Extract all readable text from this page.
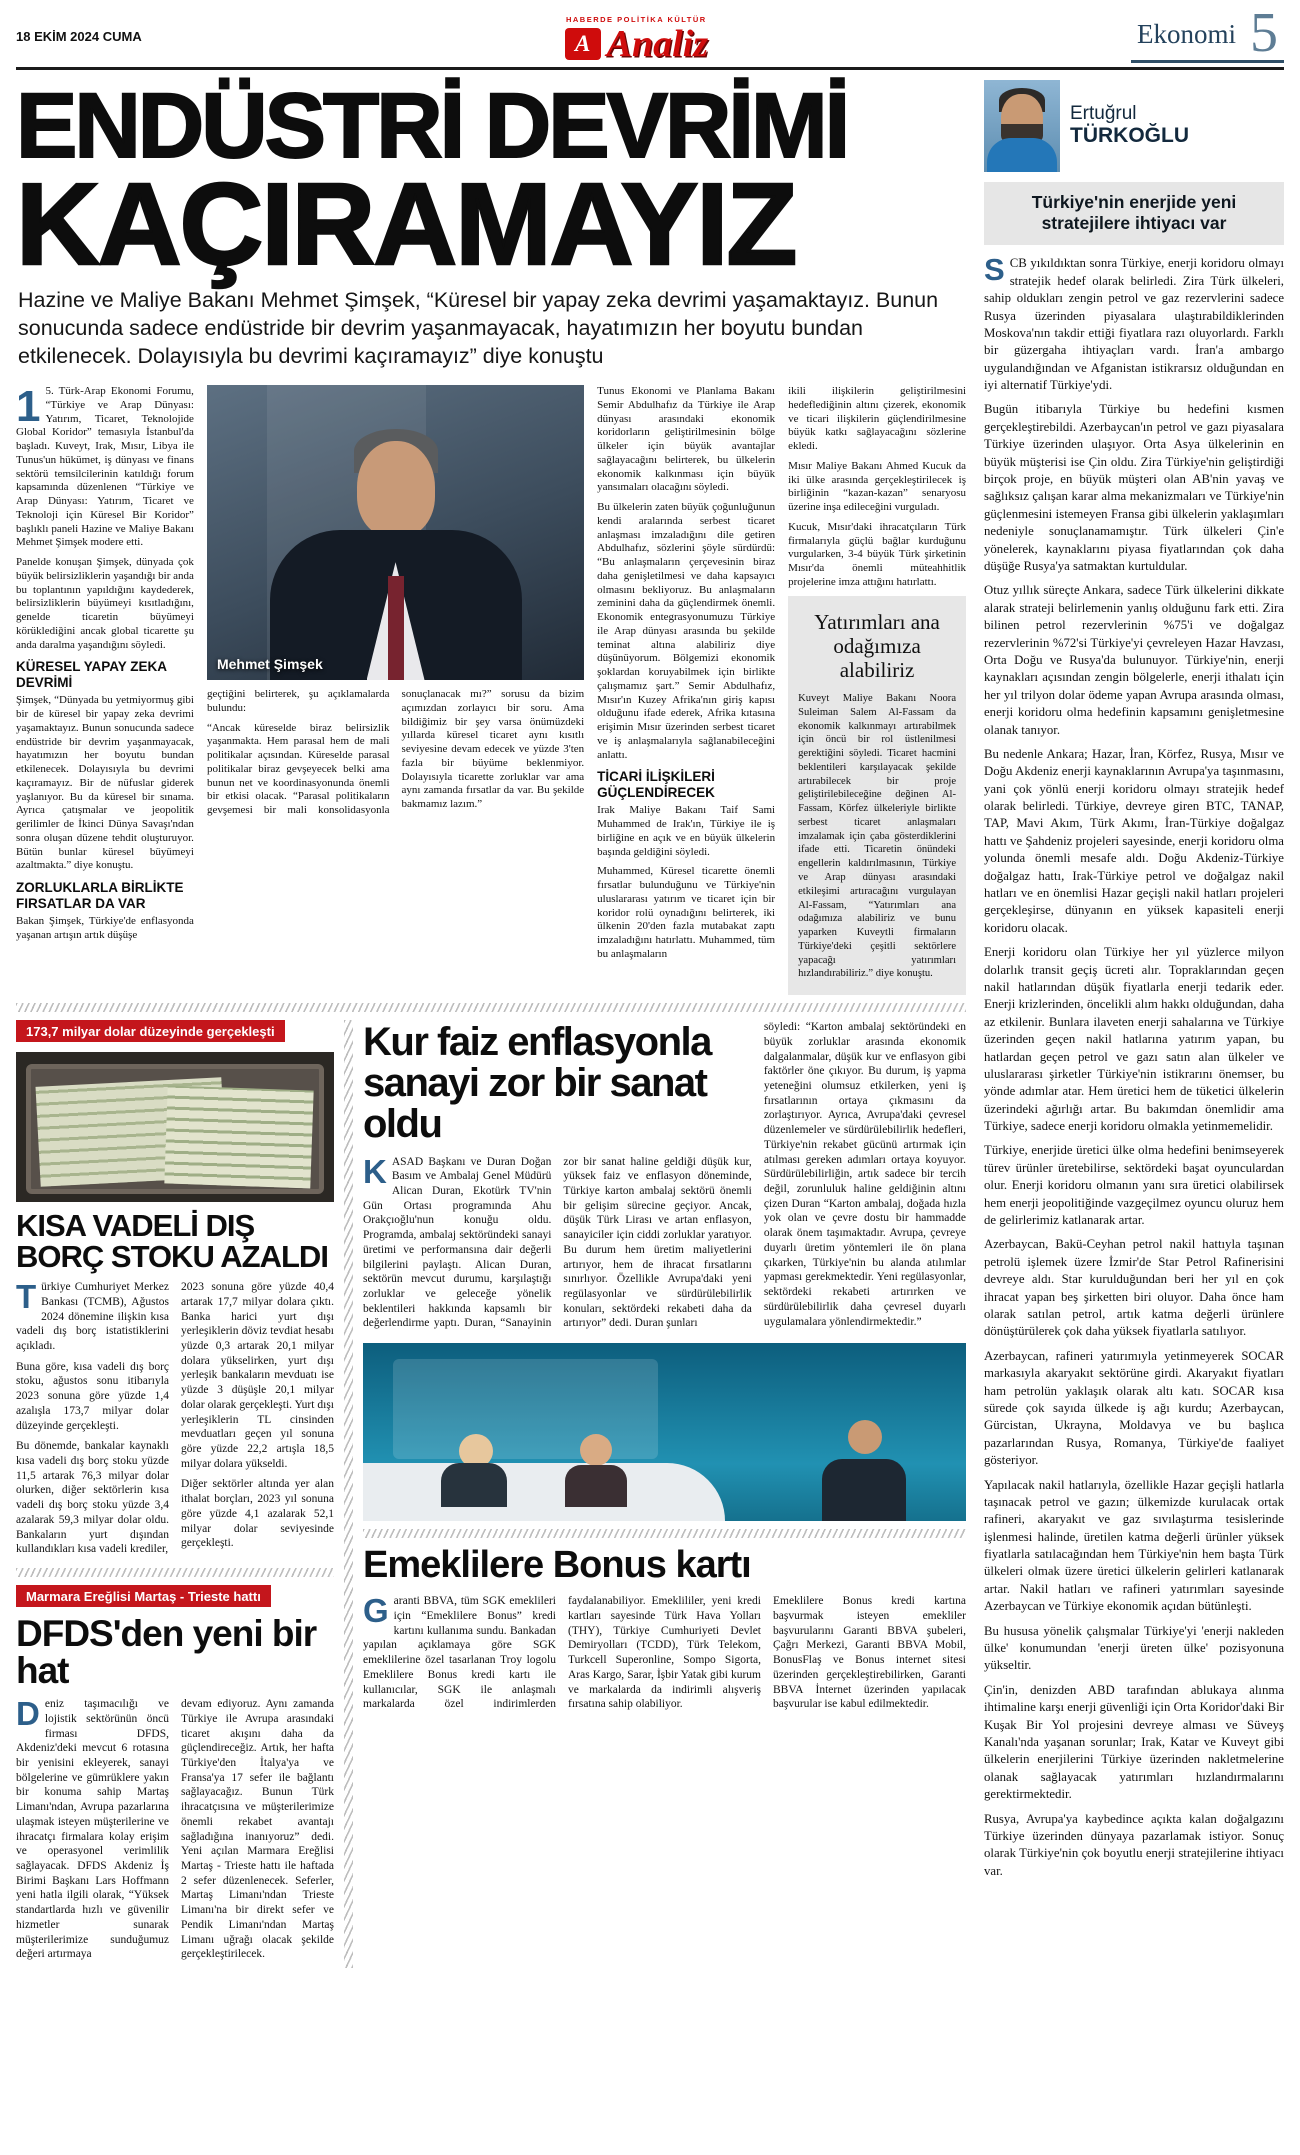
18 EKİM 2024 CUMA
HABERDE POLİTİKA KÜLTÜR
A Analiz	Ekonomi 5
ENDÜSTRİ DEVRİMİ
KAÇIRAMAYIZ

Hazine ve Maliye Bakanı Mehmet Şimşek, “Küresel bir yapay zeka devrimi yaşamaktayız. Bunun sonucunda sadece endüstride bir devrim yaşanmayacak, hayatımızın her boyutu bundan etkilenecek. Dolayısıyla bu devrimi kaçıramayız” diye konuştu

1 5. Türk-Arap Ekonomi Forumu, “Türkiye ve Arap Dünyası: Yatırım, Ticaret, Teknolojide Global Koridor” temasıyla İstanbul'da başladı. Kuveyt, Irak, Mısır, Libya ile Tunus'un hükümet, iş dünyası ve finans sektörü temsilcilerinin katıldığı forum kapsamında düzenlenen “Türkiye ve Arap Dünyası: Yatırım, Ticaret ve Teknoloji için Küresel Bir Koridor” başlıklı paneli Hazine ve Maliye Bakanı Mehmet Şimşek modere etti.

Panelde konuşan Şimşek, dünyada çok büyük belirsizliklerin yaşandığı bir anda bu toplantının yapıldığını kaydederek, belirsizliklerin büyümeyi kısıtladığını, genelde ticaretin büyümeyi körüklediğini ancak global ticarette şu anda daralma yaşandığını söyledi.

KÜRESEL YAPAY ZEKA DEVRİMİ

Şimşek, “Dünyada bu yetmiyormuş gibi bir de küresel bir yapay zeka devrimi yaşamaktayız. Bunun sonucunda sadece endüstride bir devrim yaşanmayacak, hayatımızın her boyutu bundan etkilenecek. Dolayısıyla bu devrimi kaçıramayız. Bir de nüfuslar giderek yaşlanıyor. Bu da küresel bir sınama. Ayrıca çatışmalar ve jeopolitik gerilimler de İkinci Dünya Savaşı'ndan sonra oluşan düzene tehdit oluşturuyor. Bütün bunlar küresel büyümeyi azaltmakta.” diye konuştu.

ZORLUKLARLA BİRLİKTE FIRSATLAR DA VAR

Bakan Şimşek, Türkiye'de enflasyonda yaşanan artışın artık düşüşe

Mehmet Şimşek

geçtiğini belirterek, şu açıklamalarda bulundu:

“Ancak küreselde biraz belirsizlik yaşanmakta. Hem parasal hem de mali politikalar açısından. Küreselde parasal politikalar biraz gevşeyecek belki ama bunun net ve koordinasyonunda önemli bir etkisi olacak. “Parasal politikaların gevşemesi bir mali konsolidasyonla sonuçlanacak mı?” sorusu da bizim açımızdan zorlayıcı bir soru. Ama bildiğimiz bir şey varsa önümüzdeki yıllarda küresel ticaret aynı kısıtlı seviyesine devam edecek ve yüzde 3'ten fazla bir büyüme beklenmiyor. Dolayısıyla ticarette zorluklar var ama aynı zamanda fırsatlar da var. Bu şekilde bakmamız lazım.”

Tunus Ekonomi ve Planlama Bakanı Semir Abdulhafız da Türkiye ile Arap dünyası arasındaki ekonomik koridorların geliştirilmesinin bölge ülkeler için büyük avantajlar sağlayacağını belirterek, bu ülkelerin ekonomik kalkınması için büyük yansımaları olacağını söyledi.

Bu ülkelerin zaten büyük çoğunluğunun kendi aralarında serbest ticaret anlaşması imzaladığını dile getiren Abdulhafız, sözlerini şöyle sürdürdü: “Bu anlaşmaların çerçevesinin biraz daha genişletilmesi ve daha kapsayıcı olmasını bekliyoruz. Bu anlaşmaların zeminini daha da güçlendirmek önemli. Ekonomik entegrasyonumuzu Türkiye ile Arap dünyası arasında bu şekilde teminat altına alabiliriz diye düşünüyorum. Bölgemizi ekonomik şoklardan koruyabilmek için birlikte çalışmamız şart.” Semir Abdulhafız, Mısır'ın Kuzey Afrika'nın giriş kapısı olduğunu ifade ederek, Afrika kıtasına erişimin Mısır üzerinden serbest ticaret ve iş anlaşmalarıyla sağlanabileceğini anlattı.

TİCARİ İLİŞKİLERİ GÜÇLENDİRECEK

Irak Maliye Bakanı Taif Sami Muhammed de Irak'ın, Türkiye ile iş birliğine en açık ve en büyük ülkelerin başında geldiğini söyledi.

Muhammed, Küresel ticarette önemli fırsatlar bulunduğunu ve Türkiye'nin uluslararası yatırım ve ticaret için bir koridor rolü oynadığını belirterek, iki ülkenin 20'den fazla mutabakat zaptı imzaladığını hatırlattı. Muhammed, tüm bu anlaşmaların

ikili ilişkilerin geliştirilmesini hedeflediğinin altını çizerek, ekonomik ve ticari ilişkilerin güçlendirilmesine büyük katkı sağlayacağını sözlerine ekledi.

Mısır Maliye Bakanı Ahmed Kucuk da iki ülke arasında gerçekleştirilecek iş birliğinin “kazan-kazan” senaryosu üzerine inşa edileceğini vurguladı.

Kucuk, Mısır'daki ihracatçıların Türk firmalarıyla güçlü bağlar kurduğunu vurgularken, 3-4 büyük Türk şirketinin Mısır'da önemli müteahhitlik projelerine imza attığını hatırlattı.

Yatırımları ana odağımıza alabiliriz
Kuveyt Maliye Bakanı Noora Suleiman Salem Al-Fassam da ekonomik kalkınmayı artırabilmek için öncü bir rol üstlenilmesi gerektiğini söyledi. Ticaret hacmini beklentileri karşılayacak şekilde artırabilecek bir proje geliştirilebileceğine değinen Al-Fassam, Körfez ülkeleriyle birlikte serbest ticaret anlaşmaları imzalamak için çaba gösterdiklerini ifade etti. Ticaretin önündeki engellerin kaldırılmasının, Türkiye ve Arap dünyası arasındaki etkileşimi artıracağını vurgulayan Al-Fassam, “Yatırımları ana odağımıza alabiliriz ve bunu yaparken Kuveytli firmaların Türkiye'deki çeşitli sektörlere yapacağı yatırımları hızlandırabiliriz.” diye konuştu.
173,7 milyar dolar düzeyinde gerçekleşti
KISA VADELİ DIŞ BORÇ STOKU AZALDI

Türkiye Cumhuriyet Merkez Bankası (TCMB), Ağustos 2024 dönemine ilişkin kısa vadeli dış borç istatistiklerini açıkladı.

Buna göre, kısa vadeli dış borç stoku, ağustos sonu itibarıyla 2023 sonuna göre yüzde 1,4 azalışla 173,7 milyar dolar düzeyinde gerçekleşti.

Bu dönemde, bankalar kaynaklı kısa vadeli dış borç stoku yüzde 11,5 artarak 76,3 milyar dolar olurken, diğer sektörlerin kısa vadeli dış borç stoku yüzde 3,4 azalarak 59,3 milyar dolar oldu. Bankaların yurt dışından kullandıkları kısa vadeli krediler,

2023 sonuna göre yüzde 40,4 artarak 17,7 milyar dolara çıktı. Banka harici yurt dışı yerleşiklerin döviz tevdiat hesabı yüzde 0,3 artarak 20,1 milyar dolara yükselirken, yurt dışı yerleşik bankaların mevduatı ise yüzde 3 düşüşle 20,1 milyar dolar olarak gerçekleşti. Yurt dışı yerleşiklerin TL cinsinden mevduatları geçen yıl sonuna göre yüzde 22,2 artışla 18,5 milyar dolara yükseldi.

Diğer sektörler altında yer alan ithalat borçları, 2023 yıl sonuna göre yüzde 4,1 azalarak 52,1 milyar dolar seviyesinde gerçekleşti.

Marmara Ereğlisi Martaş - Trieste hattı
DFDS'den yeni bir hat

Deniz taşımacılığı ve lojistik sektörünün öncü firması DFDS, Akdeniz'deki mevcut 6 rotasına bir yenisini ekleyerek, sanayi bölgelerine ve gümrüklere yakın bir konuma sahip Martaş Limanı'ndan, Avrupa pazarlarına ulaşmak isteyen müşterilerine ve ihracatçı firmalara kolay erişim ve operasyonel verimlilik sağlayacak. DFDS Akdeniz İş Birimi Başkanı Lars Hoffmann yeni hatla ilgili olarak, “Yüksek standartlarda hızlı ve güvenilir hizmetler sunarak müşterilerimize sunduğumuz değeri artırmaya

devam ediyoruz. Aynı zamanda Türkiye ile Avrupa arasındaki ticaret akışını daha da güçlendireceğiz. Artık, her hafta Türkiye'den İtalya'ya ve Fransa'ya 17 sefer ile bağlantı sağlayacağız. Bunun Türk ihracatçısına ve müşterilerimize önemli rekabet avantajı sağladığına inanıyoruz” dedi. Yeni açılan Marmara Ereğlisi Martaş - Trieste hattı ile haftada 2 sefer düzenlenecek. Seferler, Martaş Limanı'ndan Trieste Limanı'na bir direkt sefer ve Pendik Limanı'ndan Martaş Limanı uğrağı olacak şekilde gerçekleştirilecek.

Kur faiz enflasyonla sanayi zor bir sanat oldu

KASAD Başkanı ve Duran Doğan Basım ve Ambalaj Genel Müdürü Alican Duran, Ekotürk TV'nin Gün Ortası programında Ahu Orakçıoğlu'nun konuğu oldu. Programda, ambalaj sektöründeki sanayi üretimi ve performansına dair değerli bilgilerini paylaştı. Alican Duran, sektörün mevcut durumu, karşılaştığı zorluklar ve geleceğe yönelik beklentileri hakkında kapsamlı bir değerlendirme yaptı. Duran, “Sanayinin zor bir sanat haline geldiği düşük kur, yüksek faiz ve enflasyon döneminde, Türkiye karton ambalaj sektörü önemli bir gelişim sürecine geçiyor. Ancak, düşük Türk Lirası ve artan enflasyon, sanayiciler için ciddi zorluklar yaratıyor. Bu durum hem üretim maliyetlerini artırıyor, hem de ihracat fırsatlarını sınırlıyor. Özellikle Avrupa'daki yeni regülasyonlar ve sürdürülebilirlik konuları, sektördeki rekabeti daha da artırıyor” dedi. Duran şunları

söyledi: “Karton ambalaj sektöründeki en büyük zorluklar arasında ekonomik dalgalanmalar, düşük kur ve enflasyon gibi faktörler öne çıkıyor. Bu durum, iş yapma yeteneğini olumsuz etkilerken, yeni iş fırsatlarının ortaya çıkmasını da zorlaştırıyor. Ayrıca, Avrupa'daki çevresel düzenlemeler ve sürdürülebilirlik hedefleri, Türkiye'nin rekabet gücünü artırmak için atılması gereken adımları ortaya koyuyor. Sürdürülebilirliğin, artık sadece bir tercih değil, zorunluluk haline geldiğinin altını çizen Duran “Karton ambalaj, doğada hızla yok olan ve çevre dostu bir hammadde olarak önem taşımaktadır. Avrupa, çevreye duyarlı üretim yöntemleri ile ön plana çıkarken, Türkiye'nin bu alanda atılımlar yapması gerekmektedir. Yeni regülasyonlar, sektördeki rekabeti artırırken ve sürdürülebilirlik daha çevresel duyarlı uygulamalara yönlendirmektedir.”

Emeklilere Bonus kartı

Garanti BBVA, tüm SGK emeklileri için “Emeklilere Bonus” kredi kartını kullanıma sundu. Bankadan yapılan açıklamaya göre SGK emeklilerine özel tasarlanan Troy logolu Emeklilere Bonus kredi kartı ile kullanıcılar, SGK ile anlaşmalı markalarda özel indirimlerden faydalanabiliyor. Emeklililer, yeni kredi kartları sayesinde Türk Hava Yolları (THY), Türkiye Cumhuriyeti Devlet Demiryolları (TCDD), Türk Telekom, Turkcell Superonline, Sompo Sigorta, Aras Kargo, Sarar, İşbir Yatak gibi kurum ve markalarda da indirimli alışveriş fırsatına sahip olabiliyor.

Emeklilere Bonus kredi kartına başvurmak isteyen emekliler başvurularını Garanti BBVA şubeleri, Çağrı Merkezi, Garanti BBVA Mobil, BonusFlaş ve Bonus internet sitesi üzerinden gerçekleştirebilirken, Garanti BBVA İnternet üzerinden yapılacak başvurular ise kabul edilmektedir.

Ertuğrul
TÜRKOĞLU
Türkiye'nin enerjide yeni stratejilere ihtiyacı var

SCB yıkıldıktan sonra Türkiye, enerji koridoru olmayı stratejik hedef olarak belirledi. Zira Türk ülkeleri, sahip oldukları zengin petrol ve gaz rezervlerini sadece Rusya üzerinden piyasalara ulaştırabildiklerinden Moskova'nın takdir ettiği fiyatlara razı oluyorlardı. Farklı bir güzergaha ihtiyaçları vardı. İran'a ambargo uygulandığından ve Afganistan istikrarsız olduğundan en iyi alternatif Türkiye'ydi.

Bugün itibarıyla Türkiye bu hedefini kısmen gerçekleştirebildi. Azerbaycan'ın petrol ve gazı piyasalara Türkiye üzerinden ulaşıyor. Orta Asya ülkelerinin en büyük müşterisi ise Çin oldu. Zira Türkiye'nin geliştirdiği birçok proje, en büyük müşteri olan AB'nin yavaş ve sağlıksız çalışan karar alma mekanizmaları ve Türkiye'nin güçlenmesini istemeyen Fransa gibi ülkelerin yaklaşımları nedeniyle sonuçlanamamıştır. Türk ülkeleri Çin'e yönelerek, kaynaklarını piyasa fiyatlarından çok daha düşüğe Rusya'ya satmaktan kurtuldular.

Otuz yıllık süreçte Ankara, sadece Türk ülkelerini dikkate alarak strateji belirlemenin yanlış olduğunu fark etti. Zira bilinen petrol rezervlerinin %75'i ve doğalgaz rezervlerinin %72'si Türkiye'yi çevreleyen Hazar Havzası, Orta Doğu ve Rusya'da bulunuyor. Türkiye'nin, enerji kaynakları açısından zengin bölgelerle, enerji ithalatı için her yıl trilyon dolar ödeme yapan Avrupa arasında olması, enerji koridoru olma hedefinin kapsamını genişletmesine olanak tanıyor.

Bu nedenle Ankara; Hazar, İran, Körfez, Rusya, Mısır ve Doğu Akdeniz enerji kaynaklarının Avrupa'ya taşınmasını, yani çok yönlü enerji koridoru olmayı stratejik hedef olarak belirledi. Türkiye, devreye giren BTC, TANAP, TAP, Mavi Akım, Türk Akımı, İran-Türkiye doğalgaz hattı ve Şahdeniz projeleri sayesinde, enerji koridoru olma yolunda önemli mesafe aldı. Doğu Akdeniz-Türkiye doğalgaz hattı, Irak-Türkiye petrol ve doğalgaz nakil hatları ve en önemlisi Hazar geçişli nakil hatları projeleri gerçekleşirse, dünyanın en yüksek kapasiteli enerji koridoru olacak.

Enerji koridoru olan Türkiye her yıl yüzlerce milyon dolarlık transit geçiş ücreti alır. Topraklarından geçen nakil hatlarından düşük fiyatlarla enerji tedarik eder. Enerji krizlerinden, öncelikli alım hakkı olduğundan, daha az etkilenir. Bunlara ilaveten enerji sahalarına ve Türkiye üzerinden geçen nakil hatlarına yatırım yapan, bu hatlardan geçen petrol ve gazı satın alan ülkeler ve uluslararası şirketler Türkiye'nin istikrarını önemser, bu yönde adımlar atar. Hem üretici hem de tüketici ülkelerin üzerindeki ağırlığı artar. Bu bakımdan önemlidir ama Türkiye, sadece enerji koridoru olmakla yetinmemelidir.

Türkiye, enerjide üretici ülke olma hedefini benimseyerek türev ürünler üretebilirse, sektördeki başat oyunculardan olur. Enerji koridoru olmanın yanı sıra üretici olabilirsek hem enerji jeopolitiğinde vazgeçilmez oyuncu oluruz hem de gelirlerimiz katlanarak artar.

Azerbaycan, Bakü-Ceyhan petrol nakil hattıyla taşınan petrolü işlemek üzere İzmir'de Star Petrol Rafinerisini devreye aldı. Star kurulduğundan beri her yıl en çok ihracat yapan beş şirketten biri oluyor. Daha önce ham olarak satılan petrol, artık katma değerli ürünlere dönüştürülerek çok daha yüksek fiyatlarla satılıyor.

Azerbaycan, rafineri yatırımıyla yetinmeyerek SOCAR markasıyla akaryakıt sektörüne girdi. Akaryakıt fiyatları ham petrolün yaklaşık olarak altı katı. SOCAR kısa sürede çok sayıda ülkede iş ağı kurdu; Azerbaycan, Gürcistan, Ukrayna, Moldavya ve bu başlıca pazarlarından Rusya, Romanya, Türkiye'de faaliyet gösteriyor.

Yapılacak nakil hatlarıyla, özellikle Hazar geçişli hatlarla taşınacak petrol ve gazın; ülkemizde kurulacak ortak rafineri, akaryakıt ve gaz sıvılaştırma tesislerinde işlenmesi halinde, üretilen katma değerli ürünler yüksek fiyatlarla satılacağından hem Türkiye'nin hem başta Türk ülkeleri olmak üzere üretici ülkelerin gelirleri katlanarak artar. Nakil hatları ve rafineri yatırımları sayesinde Azerbaycan ve Türkiye ekonomik açıdan bütünleşti.

Bu hususa yönelik çalışmalar Türkiye'yi 'enerji nakleden ülke' konumundan 'enerji üreten ülke' pozisyonuna yükseltir.

Çin'in, denizden ABD tarafından ablukaya alınma ihtimaline karşı enerji güvenliği için Orta Koridor'daki Bir Kuşak Bir Yol projesini devreye alması ve Süveyş Kanalı'nda yaşanan sorunlar; Irak, Katar ve Kuveyt gibi ülkelerin enerjilerini Türkiye üzerinden nakletmelerine olanak sağlayacak yatırımları hızlandırmalarını gerektirmektedir.

Rusya, Avrupa'ya kaybedince açıkta kalan doğalgazını Türkiye üzerinden dünyaya pazarlamak istiyor. Sonuç olarak Türkiye'nin çok boyutlu enerji stratejilerine ihtiyacı var.
